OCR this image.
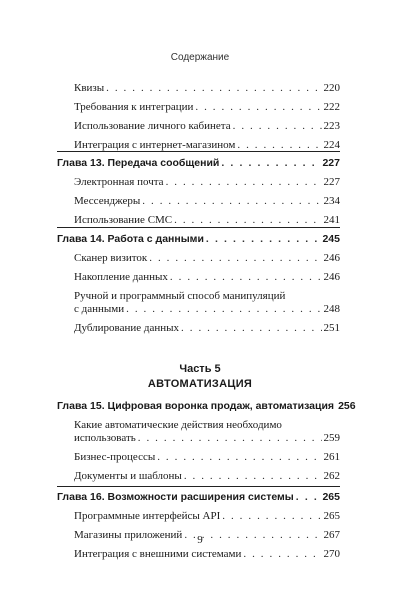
Содержание
Квизы . . .	220
Требования к интеграции . . .	222
Использование личного кабинета . . .	223
Интеграция с интернет-магазином . . .	224
Глава 13. Передача сообщений . . .	227
Электронная почта . . .	227
Мессенджеры . . .	234
Использование СМС . . .	241
Глава 14. Работа с данными . . .	245
Сканер визиток . . .	246
Накопление данных . . .	246
Ручной и программный способ манипуляций
с данными . . .	248
Дублирование данных . . .	251
Часть 5
АВТОМАТИЗАЦИЯ
Глава 15. Цифровая воронка продаж, автоматизация 256
Какие автоматические действия необходимо
использовать . . .	259
Бизнес-процессы . . .	261
Документы и шаблоны . . .	262
Глава 16. Возможности расширения системы . . .	265
Программные интерфейсы API . . .	265
Магазины приложений . . .	267
Интеграция с внешними системами . . .	270
9
